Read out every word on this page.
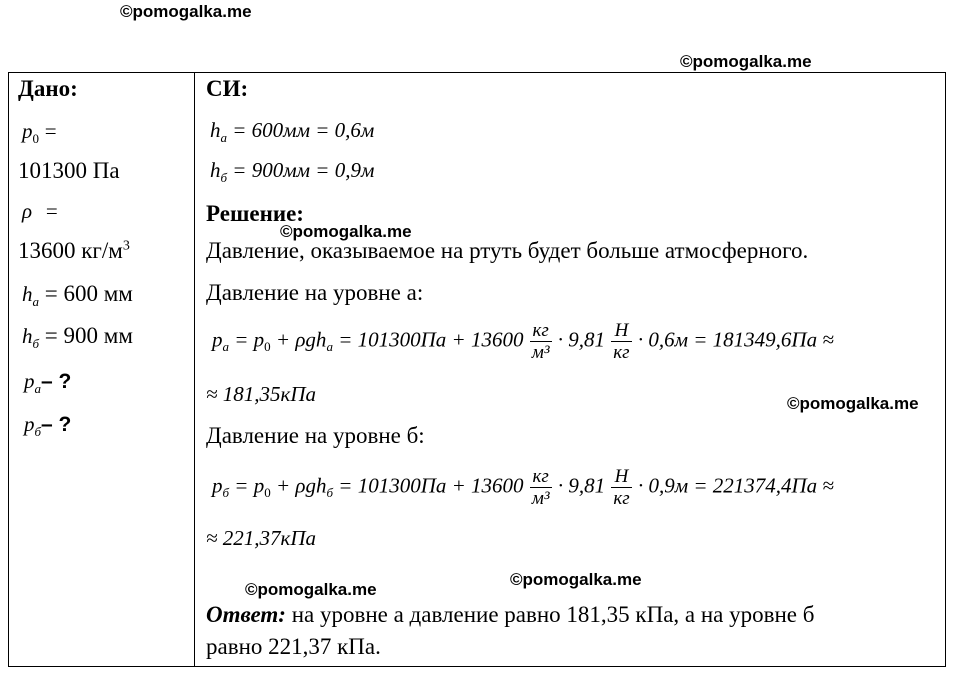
©pomogalka.me
©pomogalka.me
©pomogalka.me
©pomogalka.me
©pomogalka.me
©pomogalka.me
Дано:
$p_0$ =
101300 Па
ρ =
13600 $кг/м^3$
$h_а = 600$ мм
$h_б = 900$ мм
$p_а-$ ?
$p_б-$ ?
СИ:
$h_а = 600мм = 0,6м$
$h_б = 900мм = 0,9м$
Решение:
Давление, оказываемое на ртуть будет больше атмосферного.
Давление на уровне а:
$p_а = p_0 + \rho gh_а = 101300Па + 13600 \frac{кг}{\text{м³}} \cdot 9,81 \frac{Н}{кг} \cdot 0,6м = 181349,6Па$ ≈
≈ 181,35кПа
Давление на уровне б:
$p_б = p_0 + \rho gh_б = 101300Па + 13600 \frac{кг}{\text{м³}} \cdot 9,81 \frac{Н}{кг} \cdot 0,9м = 221374,4Па$ ≈
≈ 221,37кПа
Ответ: на уровне а давление равно 181,35 кПа, а на уровне б
равно 221,37 кПа.
